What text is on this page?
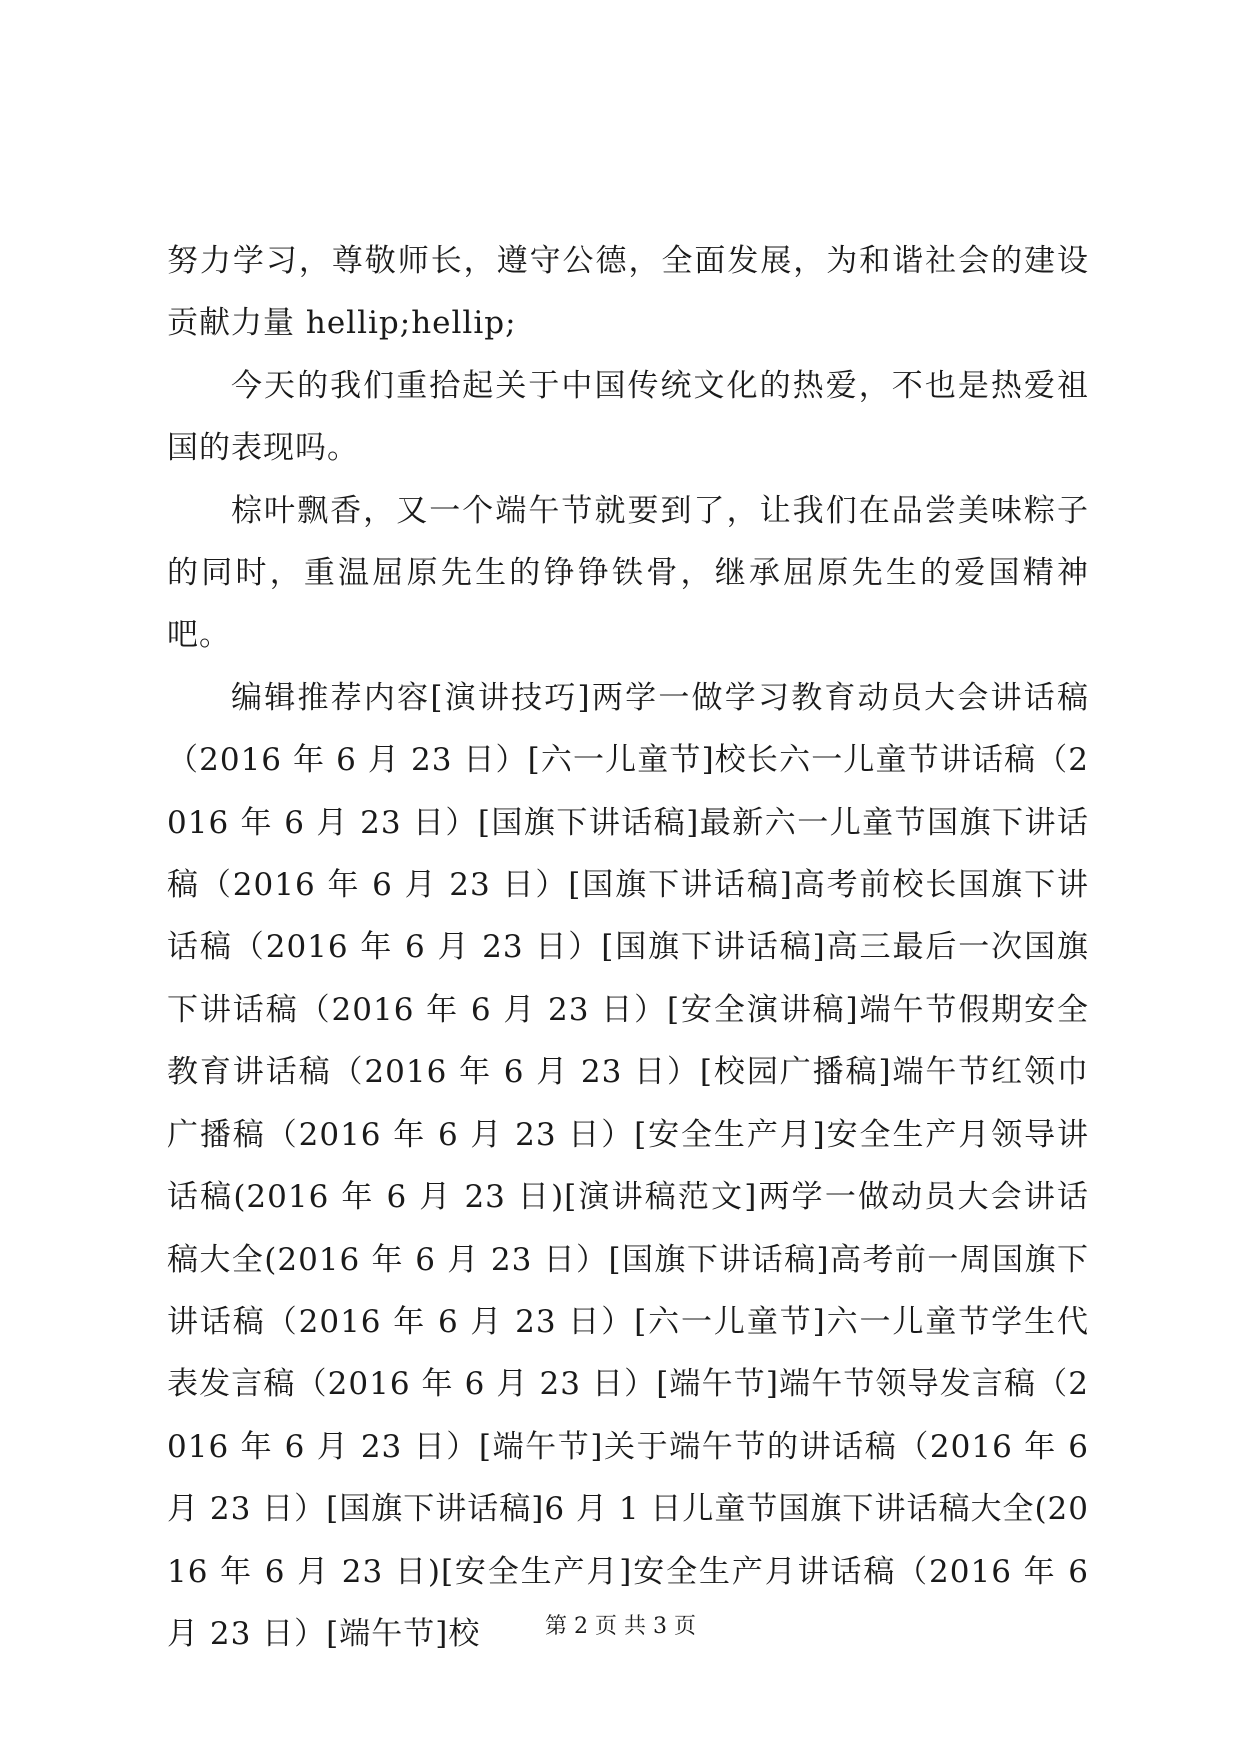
努力学习，尊敬师长，遵守公德，全面发展，为和谐社会的建设贡献力量 hellip;hellip;

今天的我们重拾起关于中国传统文化的热爱，不也是热爱祖国的表现吗。

棕叶飘香，又一个端午节就要到了，让我们在品尝美味粽子的同时，重温屈原先生的铮铮铁骨，继承屈原先生的爱国精神吧。

编辑推荐内容[演讲技巧]两学一做学习教育动员大会讲话稿（2016 年 6 月 23 日）[六一儿童节]校长六一儿童节讲话稿（2016 年 6 月 23 日）[国旗下讲话稿]最新六一儿童节国旗下讲话稿（2016 年 6 月 23 日）[国旗下讲话稿]高考前校长国旗下讲话稿（2016 年 6 月 23 日）[国旗下讲话稿]高三最后一次国旗下讲话稿（2016 年 6 月 23 日）[安全演讲稿]端午节假期安全教育讲话稿（2016 年 6 月 23 日）[校园广播稿]端午节红领巾广播稿（2016 年 6 月 23 日）[安全生产月]安全生产月领导讲话稿(2016 年 6 月 23 日)[演讲稿范文]两学一做动员大会讲话稿大全(2016 年 6 月 23 日）[国旗下讲话稿]高考前一周国旗下讲话稿（2016 年 6 月 23 日）[六一儿童节]六一儿童节学生代表发言稿（2016 年 6 月 23 日）[端午节]端午节领导发言稿（2016 年 6 月 23 日）[端午节]关于端午节的讲话稿（2016 年 6 月 23 日）[国旗下讲话稿]6 月 1 日儿童节国旗下讲话稿大全(2016 年 6 月 23 日)[安全生产月]安全生产月讲话稿（2016 年 6 月 23 日）[端午节]校	第 2 页 共 3 页
